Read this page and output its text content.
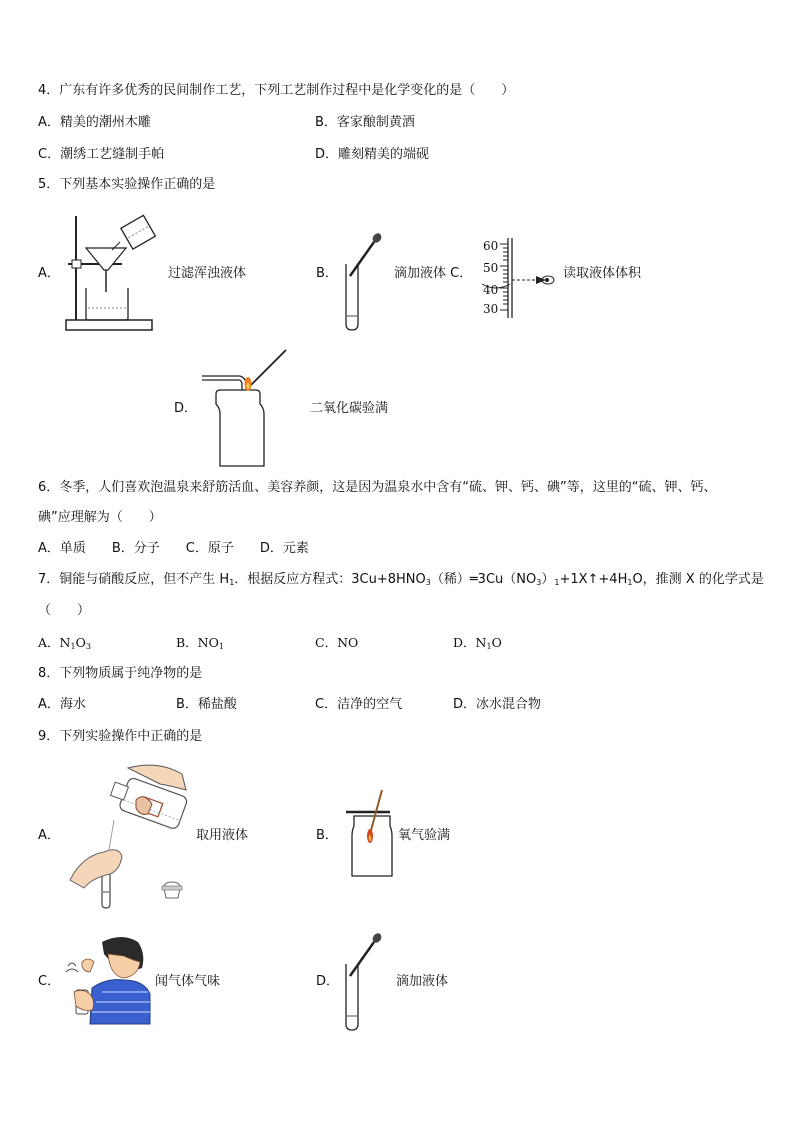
4．广东有许多优秀的民间制作工艺，下列工艺制作过程中是化学变化的是（　　）
A．精美的潮州木雕	B．客家酿制黄酒
C．潮绣工艺缝制手帕	D．雕刻精美的端砚
5．下列基本实验操作正确的是
A．	过滤浑浊液体	B．	滴加液体 C．
60
50
40
30
读取液体体积
D．	二氧化碳验满
6．冬季，人们喜欢泡温泉来舒筋活血、美容养颜，这是因为温泉水中含有“硫、钾、钙、碘”等，这里的“硫、钾、钙、
碘”应理解为（　　）
A．单质　　B．分子　　C．原子　　D．元素
7．铜能与硝酸反应，但不产生 $H_1$．根据反应方程式：$3Cu+8HNO_3$（稀）$═3Cu(NO_3)_1+1X↑+4H_1O$，推测 X 的化学式是
（　　）
A．$N_1O_3$	B．$NO_1$	C．NO	D．$N_1O$
8．下列物质属于纯净物的是
A．海水	B．稀盐酸	C．洁净的空气	D．冰水混合物
9．下列实验操作中正确的是
A．	取用液体	B．	氧气验满
C．	闻气体气味	D．	滴加液体
